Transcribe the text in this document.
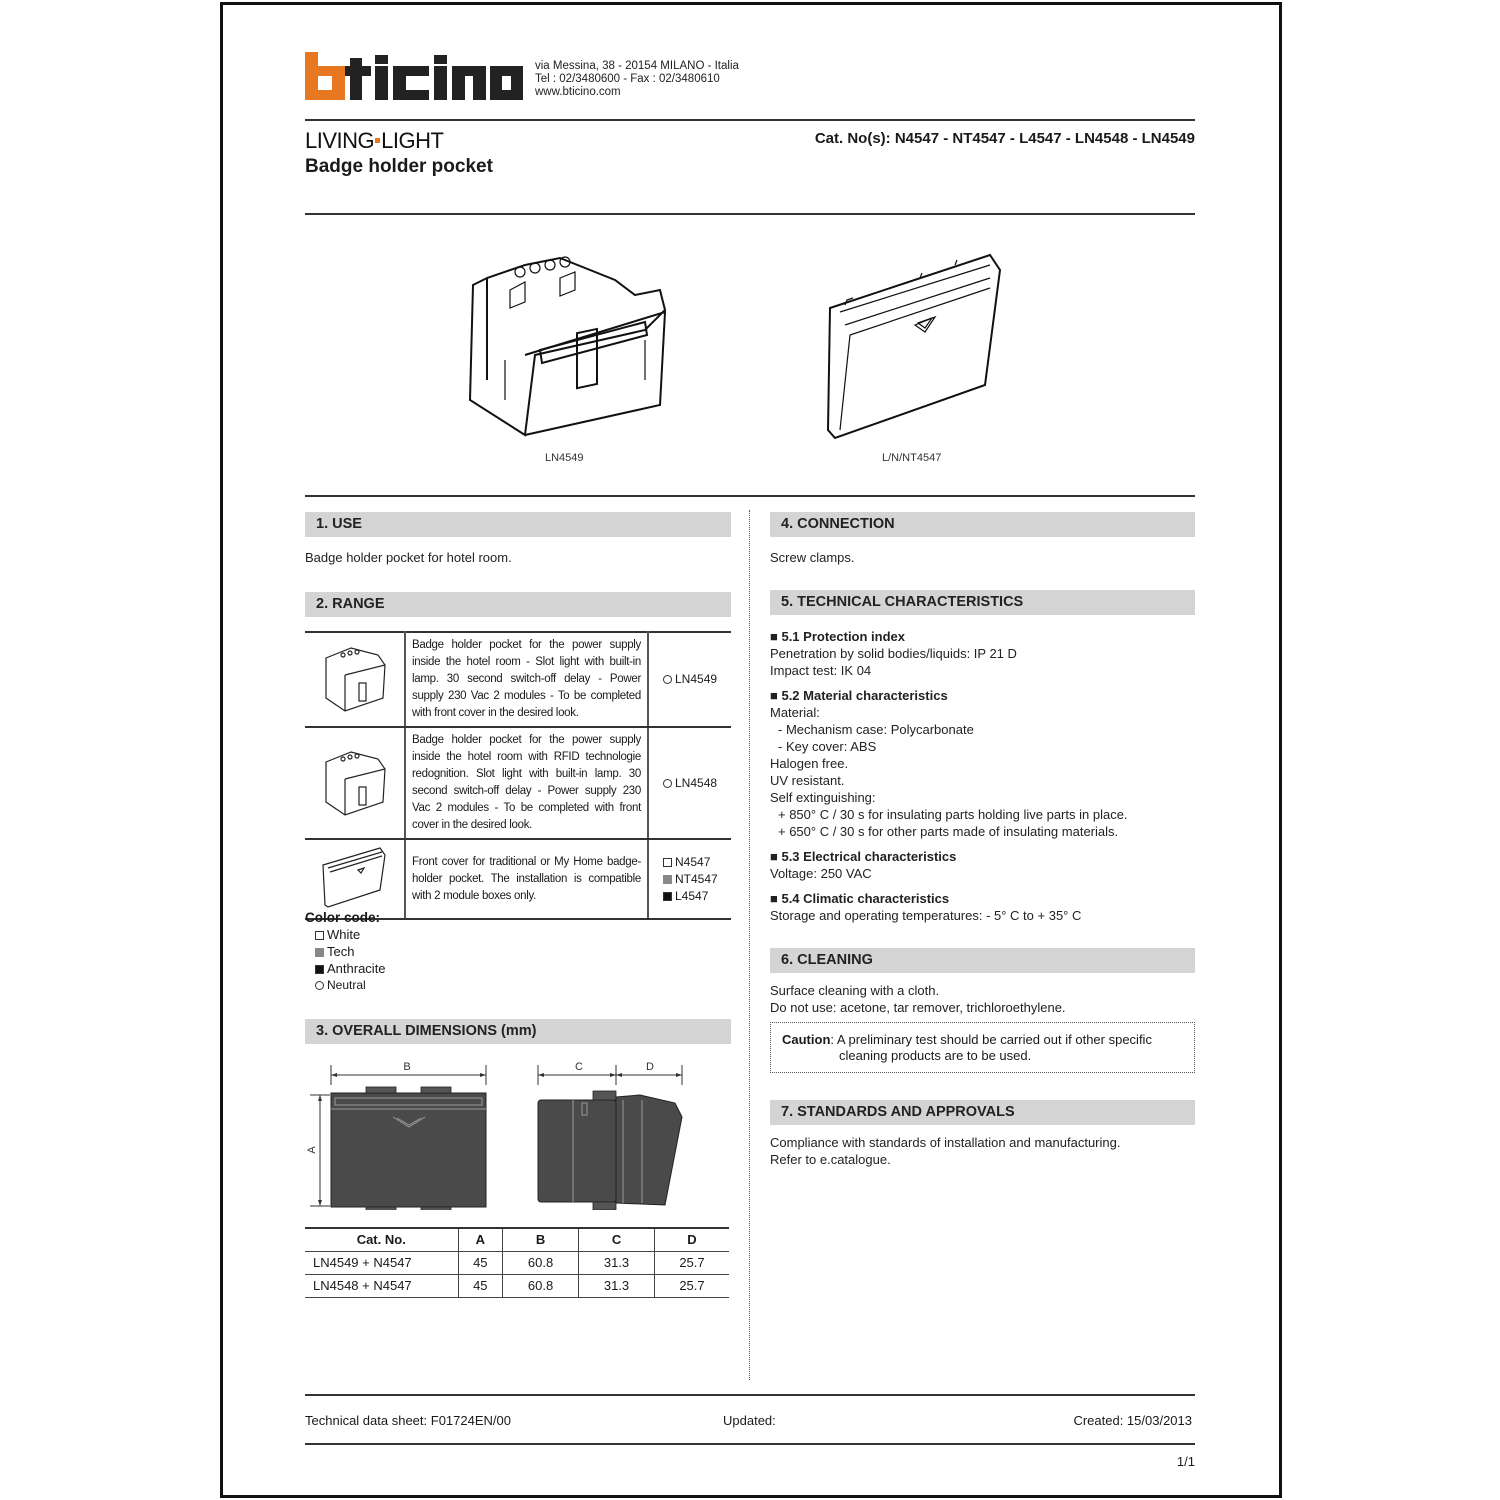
via Messina, 38 - 20154 MILANO - Italia
Tel : 02/3480600 - Fax : 02/3480610
www.bticino.com
LIVING LIGHT
Badge holder pocket
Cat. No(s): N4547 - NT4547 - L4547 - LN4548 - LN4549
LN4549	L/N/NT4547
1. USE
Badge holder pocket for hotel room.
2. RANGE
	Badge holder pocket for the power supply inside the hotel room - Slot light with built-in lamp. 30 second switch-off delay - Power supply 230 Vac 2 modules - To be completed with front cover in the desired look.	LN4549

	Badge holder pocket for the power supply inside the hotel room with RFID technologie redognition. Slot light with built-in lamp. 30 second switch-off delay - Power supply 230 Vac 2 modules - To be completed with front cover in the desired look.	LN4548

	Front cover for traditional or My Home badge-holder pocket. The installation is compatible with 2 module boxes only.	N4547
NT4547
L4547
Color code:
White
Tech
Anthracite
Neutral
3. OVERALL DIMENSIONS (mm)
B
A
C	D
Cat. No.	A	B	C	D
LN4549 + N4547	45	60.8	31.3	25.7
LN4548 + N4547	45	60.8	31.3	25.7
4. CONNECTION
Screw clamps.
5. TECHNICAL CHARACTERISTICS
■ 5.1 Protection index
Penetration by solid bodies/liquids: IP 21 D
Impact test: IK 04
■ 5.2 Material characteristics
Material:
- Mechanism case: Polycarbonate
- Key cover: ABS
Halogen free.
UV resistant.
Self extinguishing:
+ 850° C / 30 s for insulating parts holding live parts in place.
+ 650° C / 30 s for other parts made of insulating materials.
■ 5.3 Electrical characteristics
Voltage: 250 VAC
■ 5.4 Climatic characteristics
Storage and operating temperatures: - 5° C to + 35° C
6. CLEANING
Surface cleaning with a cloth.
Do not use: acetone, tar remover, trichloroethylene.
Caution: A preliminary test should be carried out if other specific
cleaning products are to be used.
7. STANDARDS AND APPROVALS
Compliance with standards of installation and manufacturing.
Refer to e.catalogue.
Technical data sheet: F01724EN/00	Updated:	Created: 15/03/2013
1/1
